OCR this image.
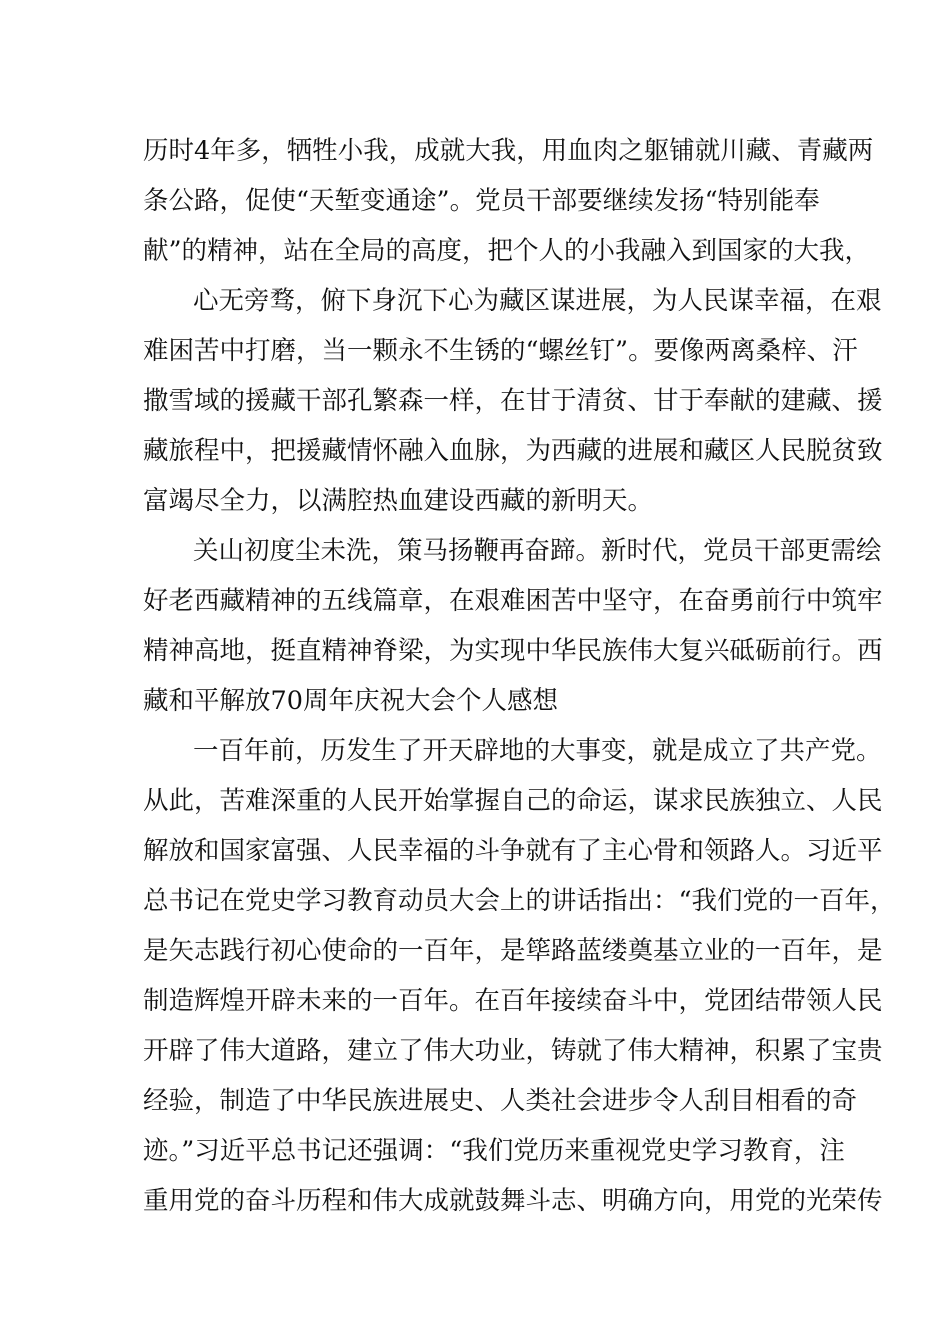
历时4年多，牺牲小我，成就大我，用血肉之躯铺就川藏、青藏两
条公路，促使“天堑变通途”。党员干部要继续发扬“特别能奉
献”的精神，站在全局的高度，把个人的小我融入到国家的大我，
心无旁骛，俯下身沉下心为藏区谋进展，为人民谋幸福，在艰
难困苦中打磨，当一颗永不生锈的“螺丝钉”。要像两离桑梓、汗
撒雪域的援藏干部孔繁森一样，在甘于清贫、甘于奉献的建藏、援
藏旅程中，把援藏情怀融入血脉，为西藏的进展和藏区人民脱贫致
富竭尽全力，以满腔热血建设西藏的新明天。
关山初度尘未洗，策马扬鞭再奋蹄。新时代，党员干部更需绘
好老西藏精神的五线篇章，在艰难困苦中坚守，在奋勇前行中筑牢
精神高地，挺直精神脊梁，为实现中华民族伟大复兴砥砺前行。西
藏和平解放70周年庆祝大会个人感想
一百年前，历发生了开天辟地的大事变，就是成立了共产党。
从此，苦难深重的人民开始掌握自己的命运，谋求民族独立、人民
解放和国家富强、人民幸福的斗争就有了主心骨和领路人。习近平
总书记在党史学习教育动员大会上的讲话指出：“我们党的一百年，
是矢志践行初心使命的一百年，是筚路蓝缕奠基立业的一百年，是
制造辉煌开辟未来的一百年。在百年接续奋斗中，党团结带领人民
开辟了伟大道路，建立了伟大功业，铸就了伟大精神，积累了宝贵
经验，制造了中华民族进展史、人类社会进步令人刮目相看的奇
迹。”习近平总书记还强调：“我们党历来重视党史学习教育，注
重用党的奋斗历程和伟大成就鼓舞斗志、明确方向，用党的光荣传
